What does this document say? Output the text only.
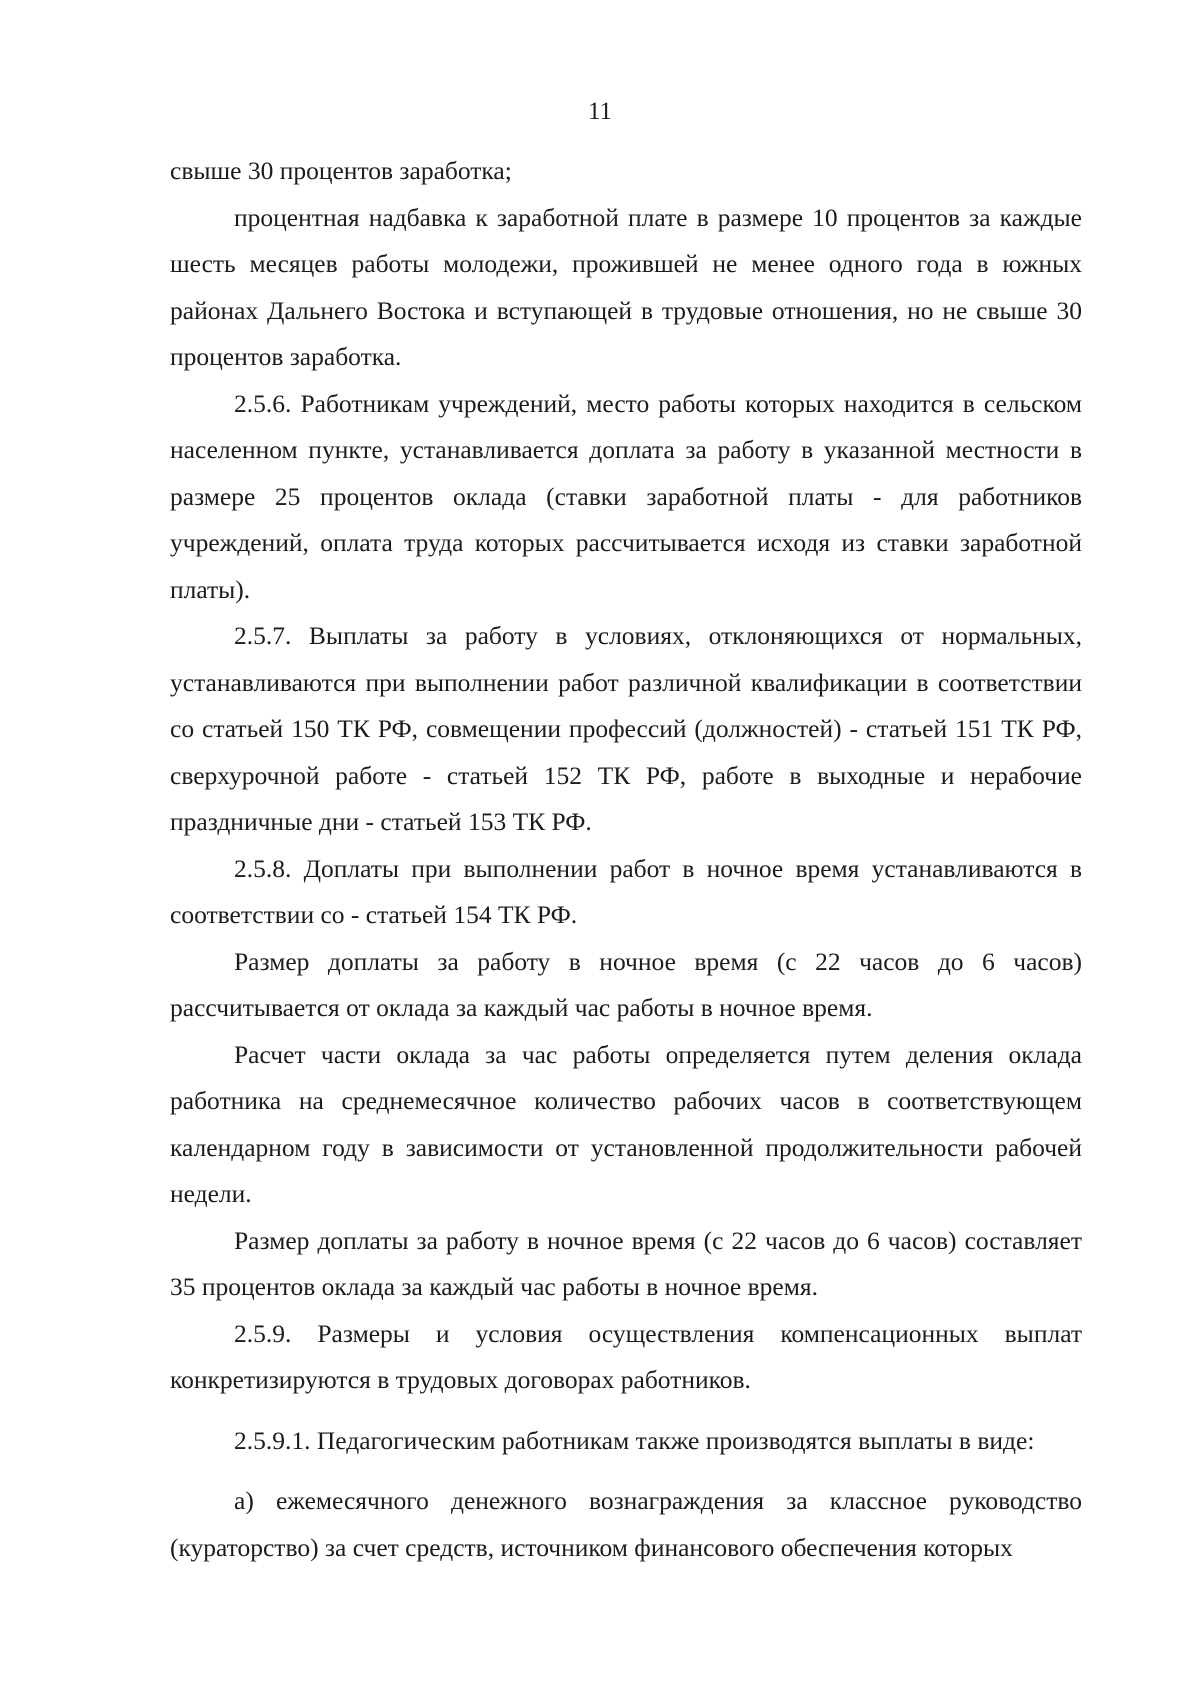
11

свыше 30 процентов заработка;

процентная надбавка к заработной плате в размере 10 процентов за каждые шесть месяцев работы молодежи, прожившей не менее одного года в южных районах Дальнего Востока и вступающей в трудовые отношения, но не свыше 30 процентов заработка.

2.5.6. Работникам учреждений, место работы которых находится в сельском населенном пункте, устанавливается доплата за работу в указанной местности в размере 25 процентов оклада (ставки заработной платы - для работников учреждений, оплата труда которых рассчитывается исходя из ставки заработной платы).

2.5.7. Выплаты за работу в условиях, отклоняющихся от нормальных, устанавливаются при выполнении работ различной квалификации в соответствии со статьей 150 ТК РФ, совмещении профессий (должностей) - статьей 151 ТК РФ, сверхурочной работе - статьей 152 ТК РФ, работе в выходные и нерабочие праздничные дни - статьей 153 ТК РФ.

2.5.8. Доплаты при выполнении работ в ночное время устанавливаются в соответствии со - статьей 154 ТК РФ.

Размер доплаты за работу в ночное время (с 22 часов до 6 часов) рассчитывается от оклада за каждый час работы в ночное время.

Расчет части оклада за час работы определяется путем деления оклада работника на среднемесячное количество рабочих часов в соответствующем календарном году в зависимости от установленной продолжительности рабочей недели.

Размер доплаты за работу в ночное время (с 22 часов до 6 часов) составляет 35 процентов оклада за каждый час работы в ночное время.

2.5.9. Размеры и условия осуществления компенсационных выплат конкретизируются в трудовых договорах работников.

2.5.9.1. Педагогическим работникам также производятся выплаты в виде:

а) ежемесячного денежного вознаграждения за классное руководство (кураторство) за счет средств, источником финансового обеспечения которых
